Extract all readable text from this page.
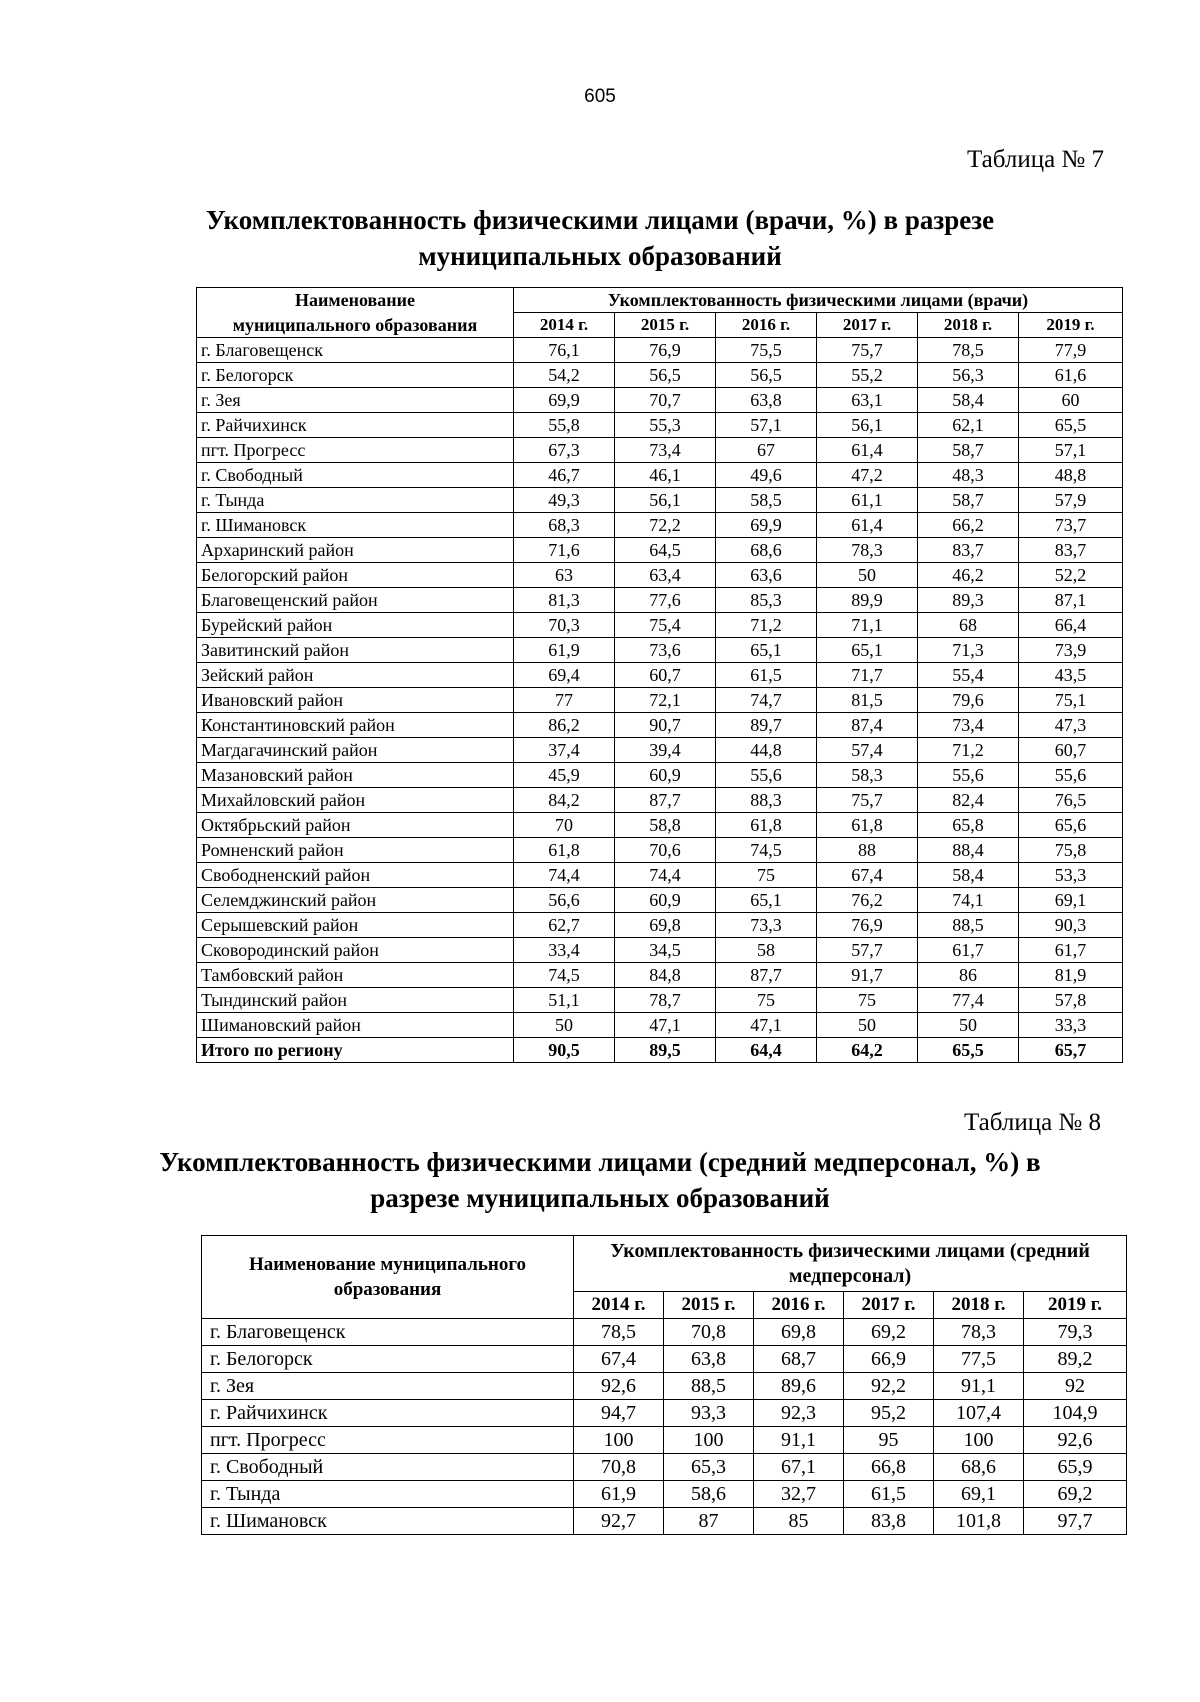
605
Таблица № 7
Укомплектованность физическими лицами (врачи, %) в разрезе
муниципальных образований
Наименование	Укомплектованность физическими лицами (врачи)					
муниципального образования	2014 г.	2015 г.	2016 г.	2017 г.	2018 г.	2019 г.
г. Благовещенск	76,1	76,9	75,5	75,7	78,5	77,9
г. Белогорск	54,2	56,5	56,5	55,2	56,3	61,6
г. Зея	69,9	70,7	63,8	63,1	58,4	60
г. Райчихинск	55,8	55,3	57,1	56,1	62,1	65,5
пгт. Прогресс	67,3	73,4	67	61,4	58,7	57,1
г. Свободный	46,7	46,1	49,6	47,2	48,3	48,8
г. Тында	49,3	56,1	58,5	61,1	58,7	57,9
г. Шимановск	68,3	72,2	69,9	61,4	66,2	73,7
Архаринский район	71,6	64,5	68,6	78,3	83,7	83,7
Белогорский район	63	63,4	63,6	50	46,2	52,2
Благовещенский район	81,3	77,6	85,3	89,9	89,3	87,1
Бурейский район	70,3	75,4	71,2	71,1	68	66,4
Завитинский район	61,9	73,6	65,1	65,1	71,3	73,9
Зейский район	69,4	60,7	61,5	71,7	55,4	43,5
Ивановский район	77	72,1	74,7	81,5	79,6	75,1
Константиновский район	86,2	90,7	89,7	87,4	73,4	47,3
Магдагачинский район	37,4	39,4	44,8	57,4	71,2	60,7
Мазановский район	45,9	60,9	55,6	58,3	55,6	55,6
Михайловский район	84,2	87,7	88,3	75,7	82,4	76,5
Октябрьский район	70	58,8	61,8	61,8	65,8	65,6
Ромненский район	61,8	70,6	74,5	88	88,4	75,8
Свободненский район	74,4	74,4	75	67,4	58,4	53,3
Селемджинский район	56,6	60,9	65,1	76,2	74,1	69,1
Серышевский район	62,7	69,8	73,3	76,9	88,5	90,3
Сковородинский район	33,4	34,5	58	57,7	61,7	61,7
Тамбовский район	74,5	84,8	87,7	91,7	86	81,9
Тындинский район	51,1	78,7	75	75	77,4	57,8
Шимановский район	50	47,1	47,1	50	50	33,3
Итого по региону	90,5	89,5	64,4	64,2	65,5	65,7
Таблица № 8
Укомплектованность физическими лицами (средний медперсонал, %) в
разрезе муниципальных образований
Наименование муниципального образования	Укомплектованность физическими лицами (средний медперсонал)					
	2014 г.	2015 г.	2016 г.	2017 г.	2018 г.	2019 г.
г. Благовещенск	78,5	70,8	69,8	69,2	78,3	79,3
г. Белогорск	67,4	63,8	68,7	66,9	77,5	89,2
г. Зея	92,6	88,5	89,6	92,2	91,1	92
г. Райчихинск	94,7	93,3	92,3	95,2	107,4	104,9
пгт. Прогресс	100	100	91,1	95	100	92,6
г. Свободный	70,8	65,3	67,1	66,8	68,6	65,9
г. Тында	61,9	58,6	32,7	61,5	69,1	69,2
г. Шимановск	92,7	87	85	83,8	101,8	97,7
